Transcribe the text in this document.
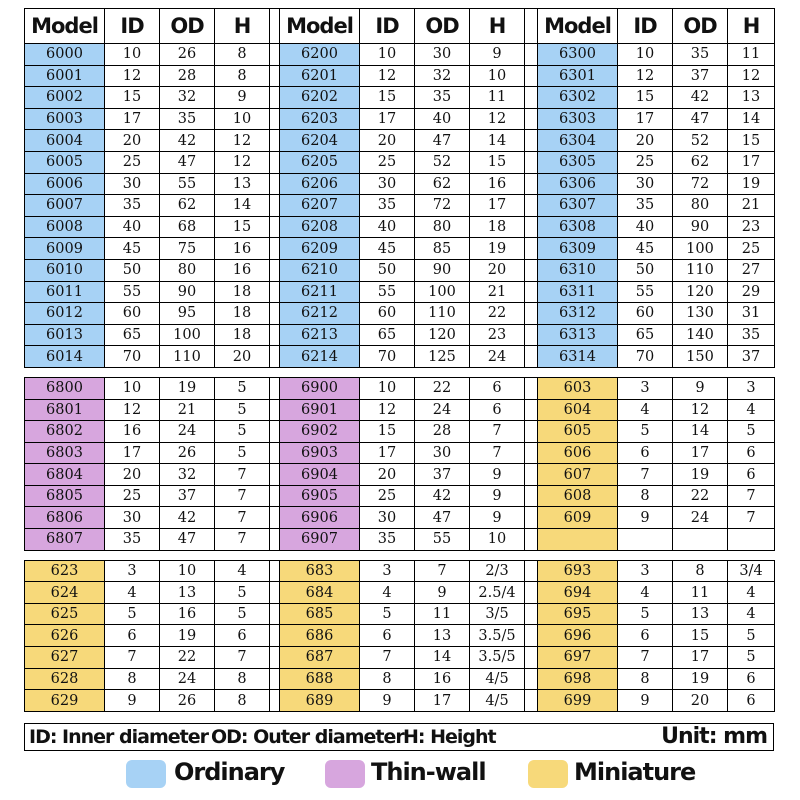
Model	ID	OD	H		Model	ID	OD	H		Model	ID	OD	H
6000	10	26	8		6200	10	30	9		6300	10	35	11
6001	12	28	8		6201	12	32	10		6301	12	37	12
6002	15	32	9		6202	15	35	11		6302	15	42	13
6003	17	35	10		6203	17	40	12		6303	17	47	14
6004	20	42	12		6204	20	47	14		6304	20	52	15
6005	25	47	12		6205	25	52	15		6305	25	62	17
6006	30	55	13		6206	30	62	16		6306	30	72	19
6007	35	62	14		6207	35	72	17		6307	35	80	21
6008	40	68	15		6208	40	80	18		6308	40	90	23
6009	45	75	16		6209	45	85	19		6309	45	100	25
6010	50	80	16		6210	50	90	20		6310	50	110	27
6011	55	90	18		6211	55	100	21		6311	55	120	29
6012	60	95	18		6212	60	110	22		6312	60	130	31
6013	65	100	18		6213	65	120	23		6313	65	140	35
6014	70	110	20		6214	70	125	24		6314	70	150	37

6800	10	19	5		6900	10	22	6		603	3	9	3
6801	12	21	5		6901	12	24	6		604	4	12	4
6802	16	24	5		6902	15	28	7		605	5	14	5
6803	17	26	5		6903	17	30	7		606	6	17	6
6804	20	32	7		6904	20	37	9		607	7	19	6
6805	25	37	7		6905	25	42	9		608	8	22	7
6806	30	42	7		6906	30	47	9		609	9	24	7
6807	35	47	7		6907	35	55	10					

623	3	10	4		683	3	7	2/3		693	3	8	3/4
624	4	13	5		684	4	9	2.5/4		694	4	11	4
625	5	16	5		685	5	11	3/5		695	5	13	4
626	6	19	6		686	6	13	3.5/5		696	6	15	5
627	7	22	7		687	7	14	3.5/5		697	7	17	5
628	8	24	8		688	8	16	4/5		698	8	19	6
629	9	26	8		689	9	17	4/5		699	9	20	6
ID: Inner diameter OD: Outer diameter H: Height	Unit: mm
Ordinary	Thin-wall	Miniature
